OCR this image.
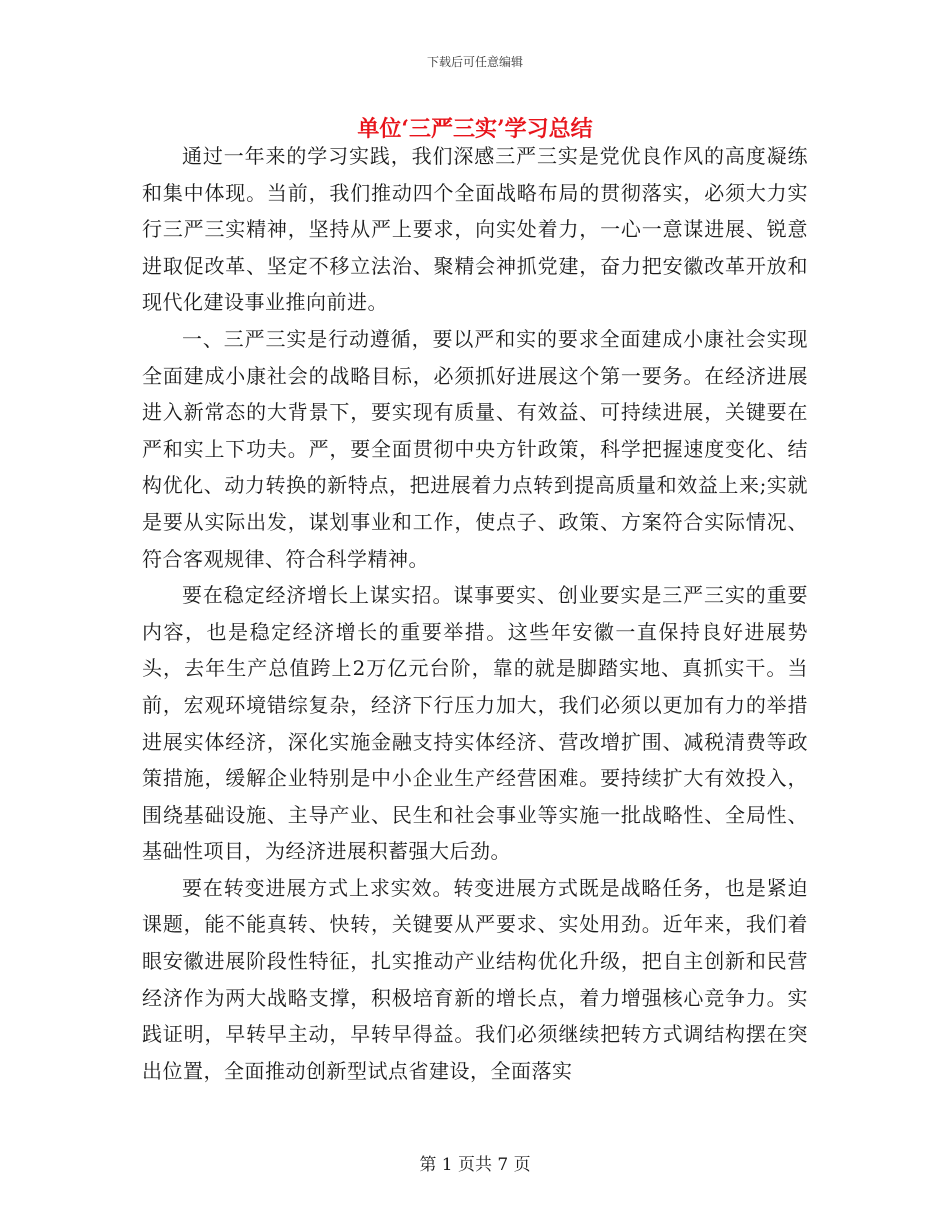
下载后可任意编辑
单位‘三严三实’学习总结

通过一年来的学习实践，我们深感三严三实是党优良作风的高度凝练和集中体现。当前，我们推动四个全面战略布局的贯彻落实，必须大力实行三严三实精神，坚持从严上要求，向实处着力，一心一意谋进展、锐意进取促改革、坚定不移立法治、聚精会神抓党建，奋力把安徽改革开放和现代化建设事业推向前进。

一、三严三实是行动遵循，要以严和实的要求全面建成小康社会实现全面建成小康社会的战略目标，必须抓好进展这个第一要务。在经济进展进入新常态的大背景下，要实现有质量、有效益、可持续进展，关键要在严和实上下功夫。严，要全面贯彻中央方针政策，科学把握速度变化、结构优化、动力转换的新特点，把进展着力点转到提高质量和效益上来;实就是要从实际出发，谋划事业和工作，使点子、政策、方案符合实际情况、符合客观规律、符合科学精神。

要在稳定经济增长上谋实招。谋事要实、创业要实是三严三实的重要内容，也是稳定经济增长的重要举措。这些年安徽一直保持良好进展势头，去年生产总值跨上2万亿元台阶，靠的就是脚踏实地、真抓实干。当前，宏观环境错综复杂，经济下行压力加大，我们必须以更加有力的举措进展实体经济，深化实施金融支持实体经济、营改增扩围、减税清费等政策措施，缓解企业特别是中小企业生产经营困难。要持续扩大有效投入，围绕基础设施、主导产业、民生和社会事业等实施一批战略性、全局性、基础性项目，为经济进展积蓄强大后劲。

要在转变进展方式上求实效。转变进展方式既是战略任务，也是紧迫课题，能不能真转、快转，关键要从严要求、实处用劲。近年来，我们着眼安徽进展阶段性特征，扎实推动产业结构优化升级，把自主创新和民营经济作为两大战略支撑，积极培育新的增长点，着力增强核心竞争力。实践证明，早转早主动，早转早得益。我们必须继续把转方式调结构摆在突出位置，全面推动创新型试点省建设，全面落实

第 1 页共 7 页
